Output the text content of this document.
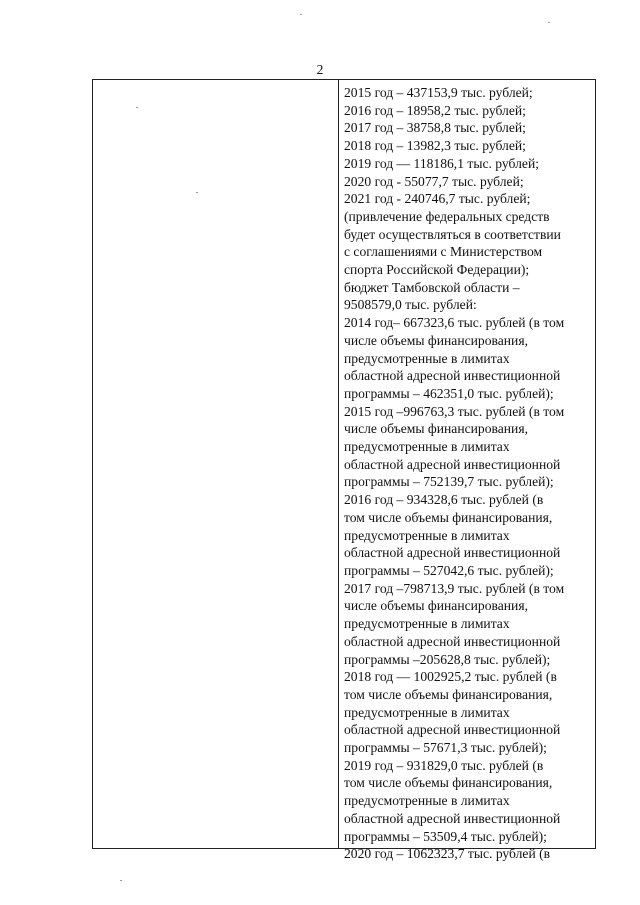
2
2015 год – 437153,9 тыс. рублей;
2016 год – 18958,2 тыс. рублей;
2017 год – 38758,8 тыс. рублей;
2018 год – 13982,3 тыс. рублей;
2019 год — 118186,1 тыс. рублей;
2020 год - 55077,7 тыс. рублей;
2021 год - 240746,7 тыс. рублей;
(привлечение федеральных средств
будет осуществляться в соответствии
с соглашениями с Министерством
спорта Российской Федерации);
бюджет Тамбовской области –
9508579,0 тыс. рублей:
2014 год– 667323,6 тыс. рублей (в том
числе объемы финансирования,
предусмотренные в лимитах
областной адресной инвестиционной
программы – 462351,0 тыс. рублей);
2015 год –996763,3 тыс. рублей (в том
числе объемы финансирования,
предусмотренные в лимитах
областной адресной инвестиционной
программы – 752139,7 тыс. рублей);
2016 год – 934328,6 тыс. рублей (в
том числе объемы финансирования,
предусмотренные в лимитах
областной адресной инвестиционной
программы – 527042,6 тыс. рублей);
2017 год –798713,9 тыс. рублей (в том
числе объемы финансирования,
предусмотренные в лимитах
областной адресной инвестиционной
программы –205628,8 тыс. рублей);
2018 год — 1002925,2 тыс. рублей (в
том числе объемы финансирования,
предусмотренные в лимитах
областной адресной инвестиционной
программы – 57671,3 тыс. рублей);
2019 год – 931829,0 тыс. рублей (в
том числе объемы финансирования,
предусмотренные в лимитах
областной адресной инвестиционной
программы – 53509,4 тыс. рублей);
2020 год – 1062323,7 тыс. рублей (в
